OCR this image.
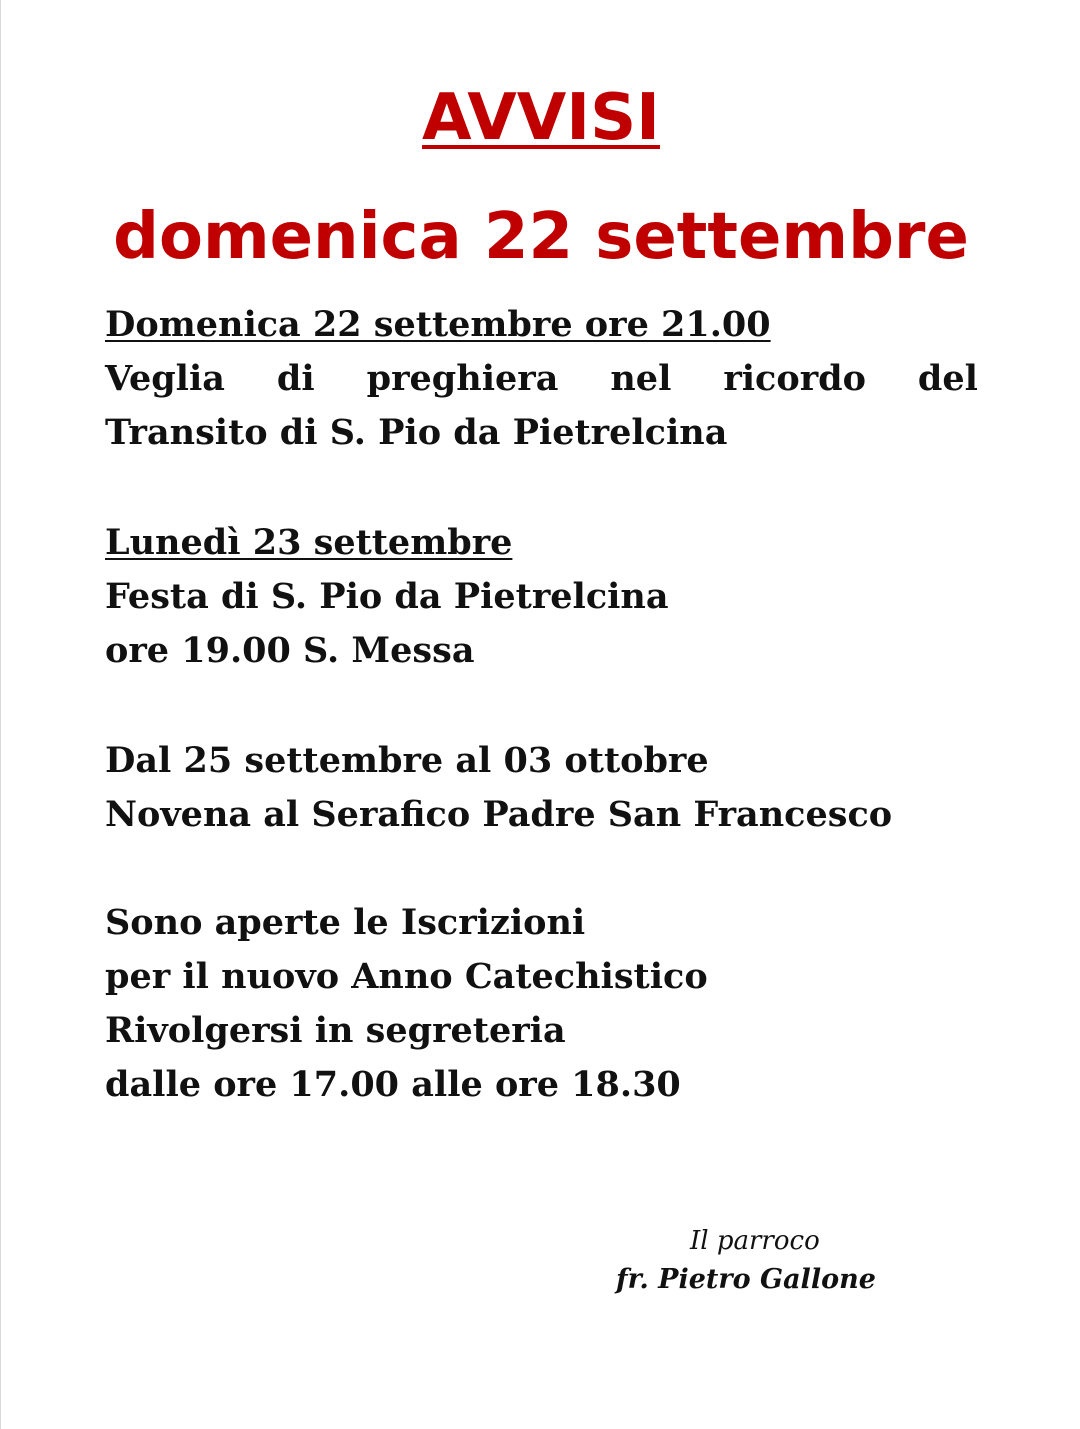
AVVISI
domenica 22 settembre
Domenica 22 settembre ore 21.00
Veglia di preghiera nel ricordo del
Transito di S. Pio da Pietrelcina
Lunedì 23 settembre
Festa di S. Pio da Pietrelcina
ore 19.00 S. Messa
Dal 25 settembre al 03 ottobre
Novena al Serafico Padre San Francesco
Sono aperte le Iscrizioni
per il nuovo Anno Catechistico
Rivolgersi in segreteria
dalle ore 17.00 alle ore 18.30
Il parroco
fr. Pietro Gallone
